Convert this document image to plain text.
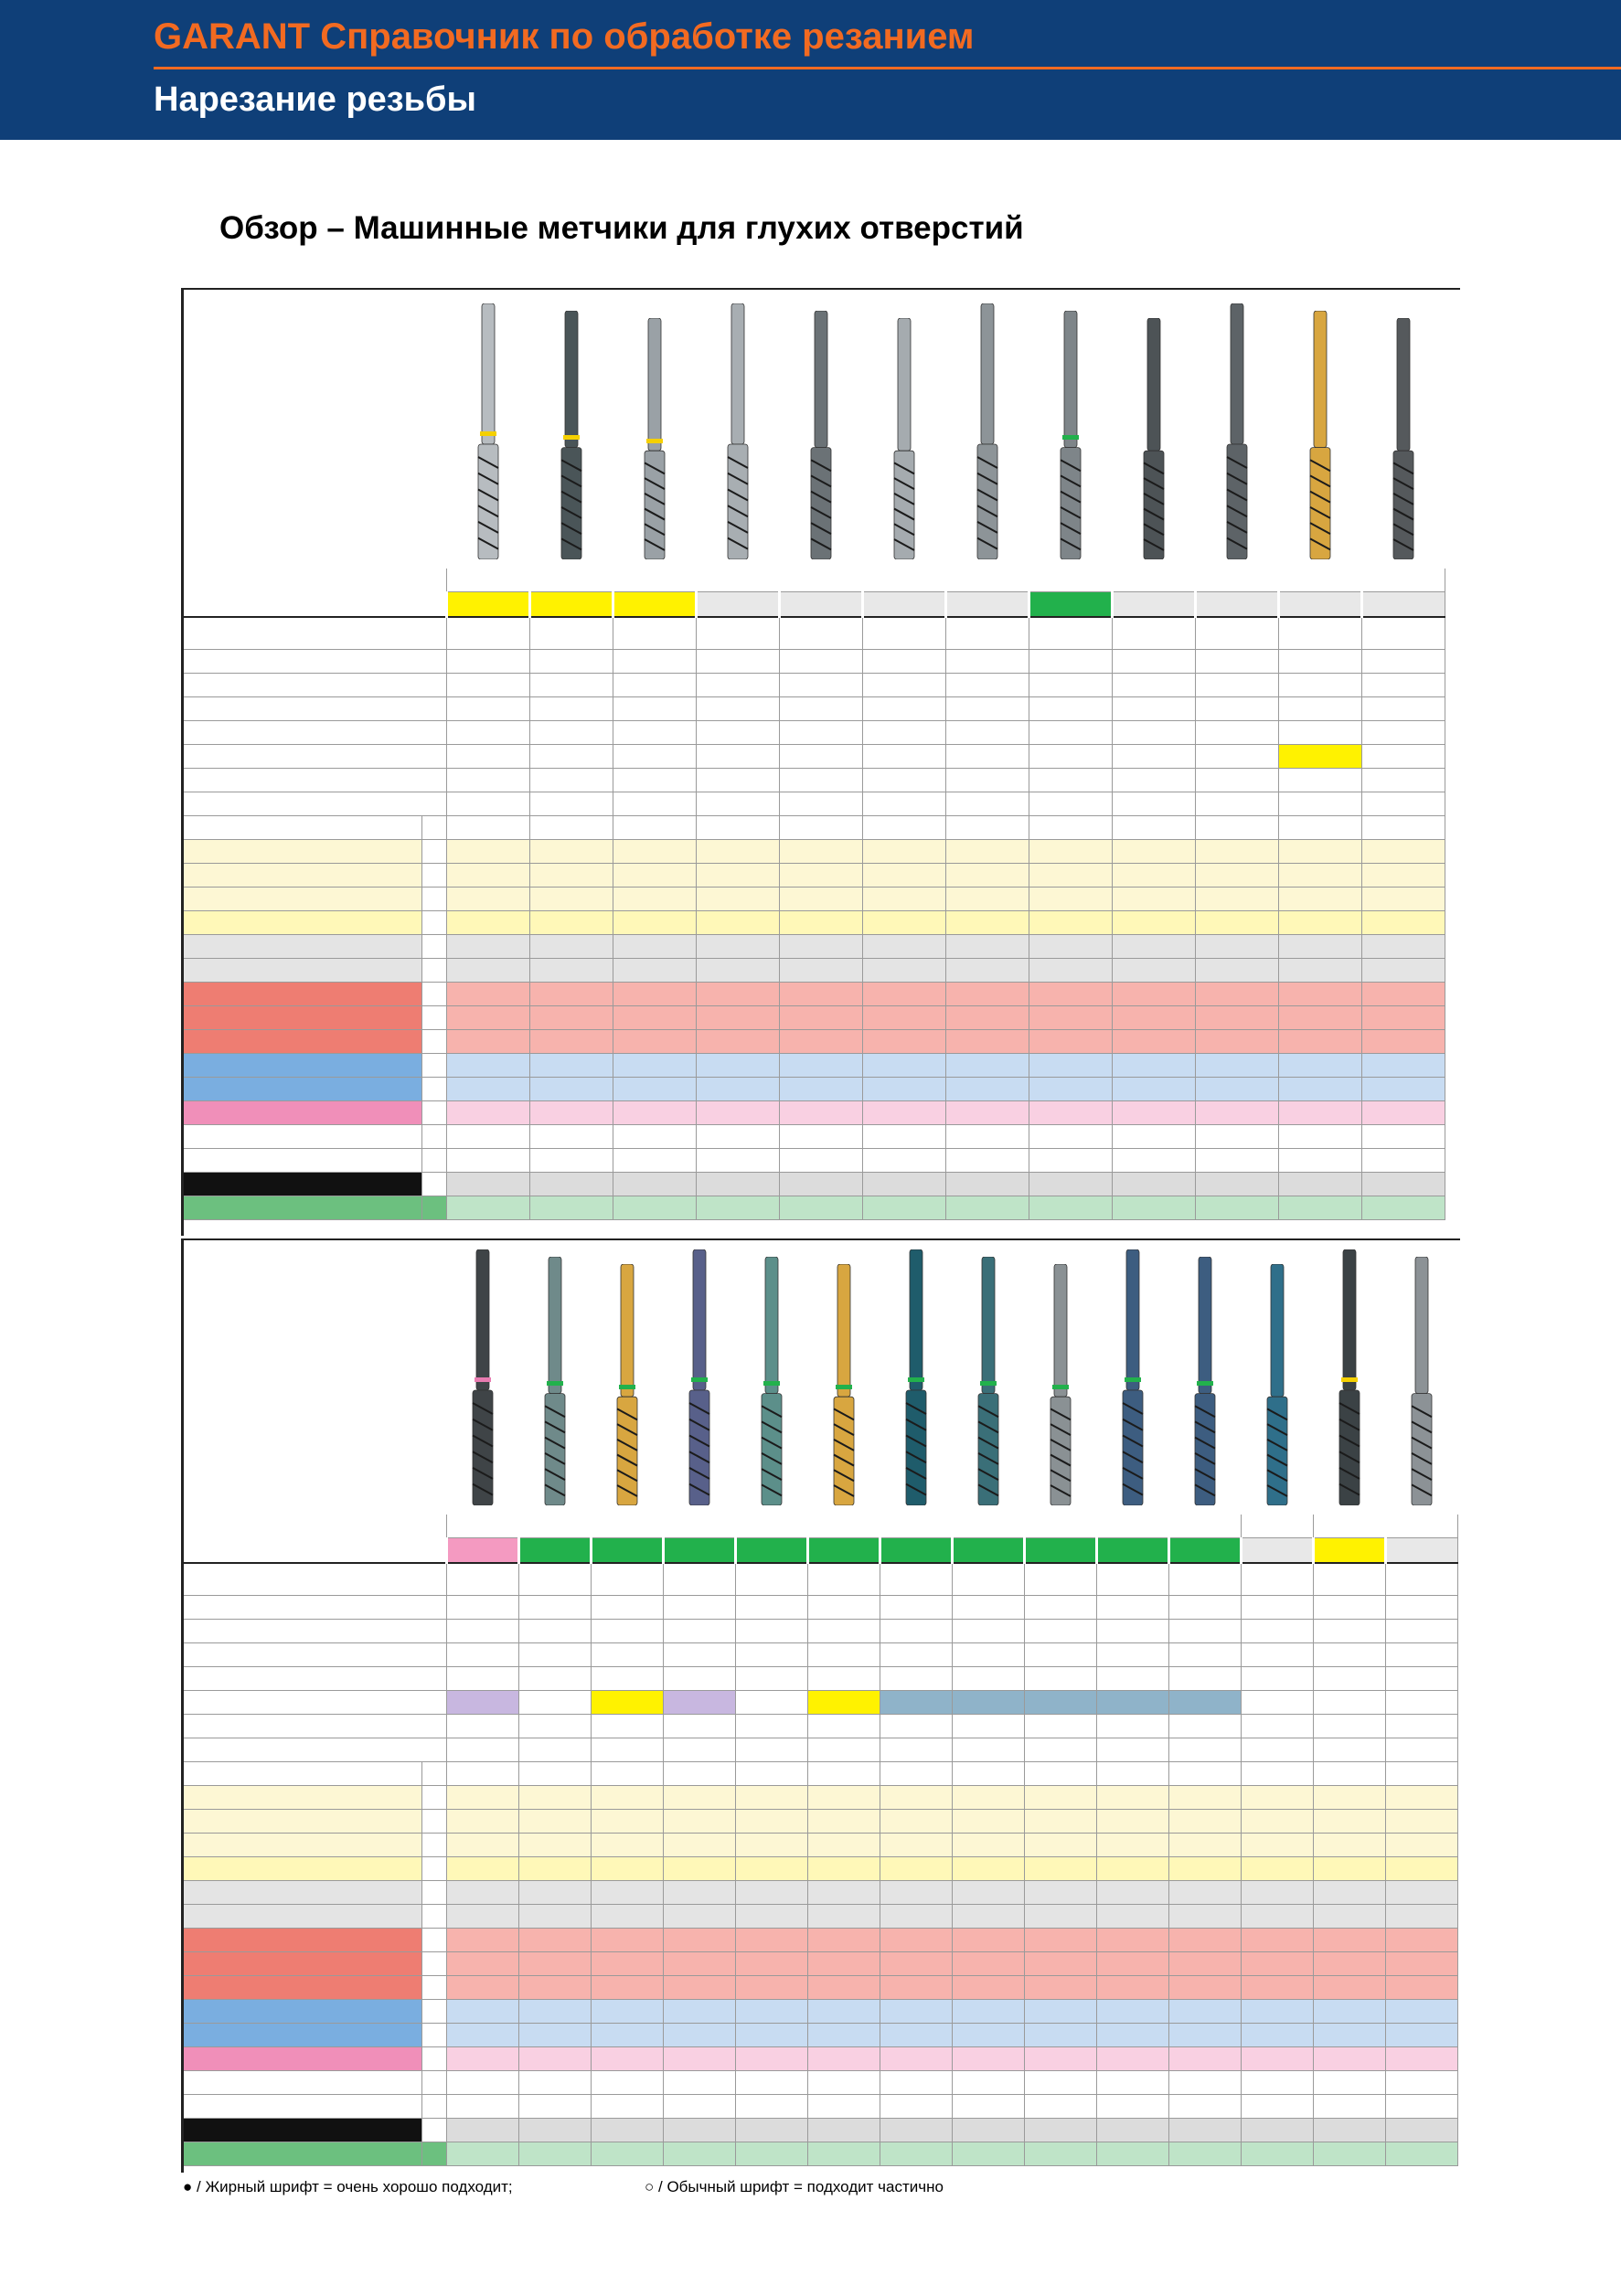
GARANT Справочник по обработке резанием
Нарезание резьбы
Обзор – Машинные метчики для глухих отверстий

● / Жирный шрифт = очень хорошо подходит;	○ / Обычный шрифт = подходит частично
